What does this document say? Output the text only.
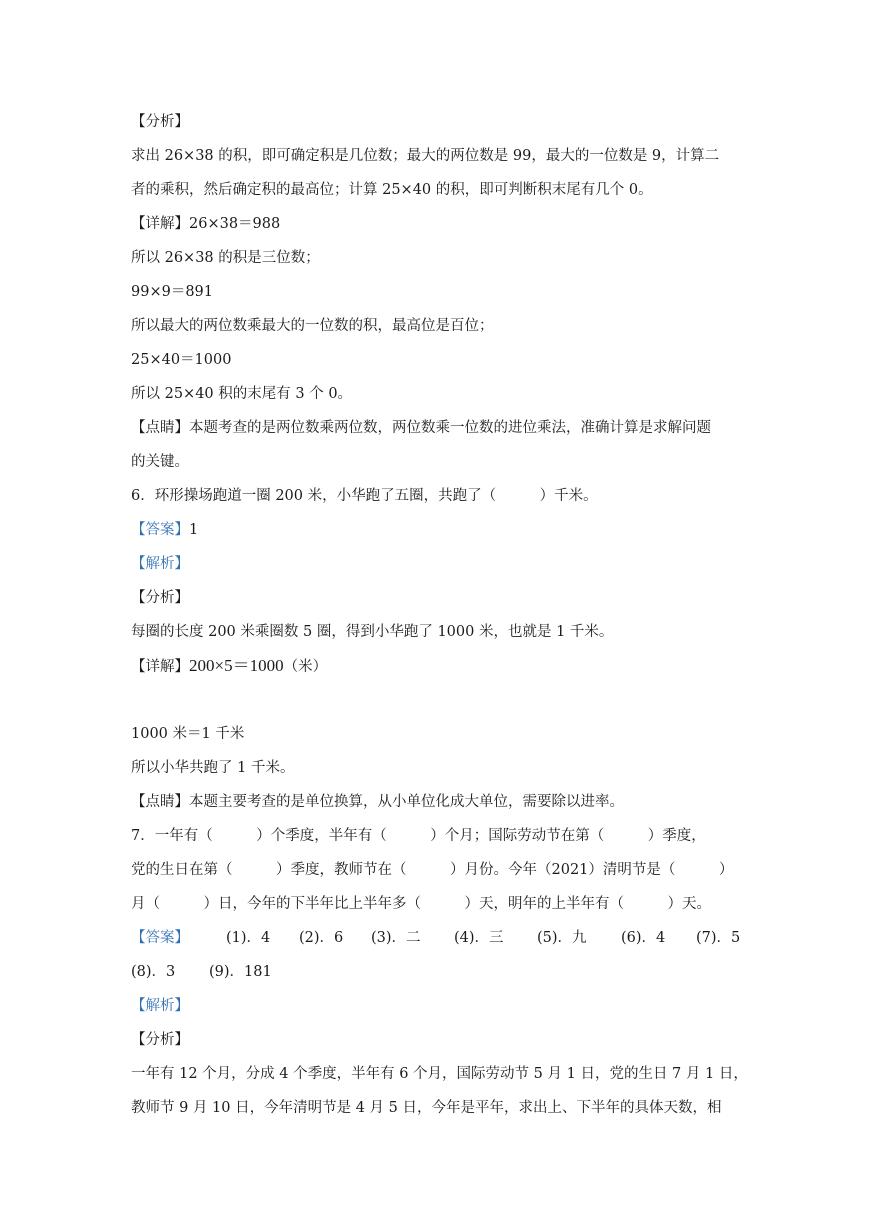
【分析】
求出 26×38 的积，即可确定积是几位数；最大的两位数是 99，最大的一位数是 9，计算二
者的乘积，然后确定积的最高位；计算 25×40 的积，即可判断积末尾有几个 0。
【详解】26×38＝988
所以 26×38 的积是三位数；
99×9＝891
所以最大的两位数乘最大的一位数的积，最高位是百位；
25×40＝1000
所以 25×40 积的末尾有 3 个 0。
【点睛】本题考查的是两位数乘两位数，两位数乘一位数的进位乘法，准确计算是求解问题
的关键。
6．环形操场跑道一圈 200 米，小华跑了五圈，共跑了（　　　）千米。
【答案】1
【解析】
【分析】
每圈的长度 200 米乘圈数 5 圈，得到小华跑了 1000 米，也就是 1 千米。
【详解】200×5＝1000（米）
1000 米＝1 千米
所以小华共跑了 1 千米。
【点睛】本题主要考查的是单位换算，从小单位化成大单位，需要除以进率。
7．一年有（　　　）个季度，半年有（　　　）个月；国际劳动节在第（　　　）季度，
党的生日在第（　　　）季度，教师节在（　　　）月份。今年（2021）清明节是（　　　）
月（　　　）日，今年的下半年比上半年多（　　　）天，明年的上半年有（　　　）天。

【答案】

	(1)．4

(2)．6

(3)．二

(4)．三

(5)．九

(6)．4

(7)．5

(8)．3

(9)．181

【解析】
【分析】
一年有 12 个月，分成 4 个季度，半年有 6 个月，国际劳动节 5 月 1 日，党的生日 7 月 1 日，
教师节 9 月 10 日，今年清明节是 4 月 5 日，今年是平年，求出上、下半年的具体天数，相
